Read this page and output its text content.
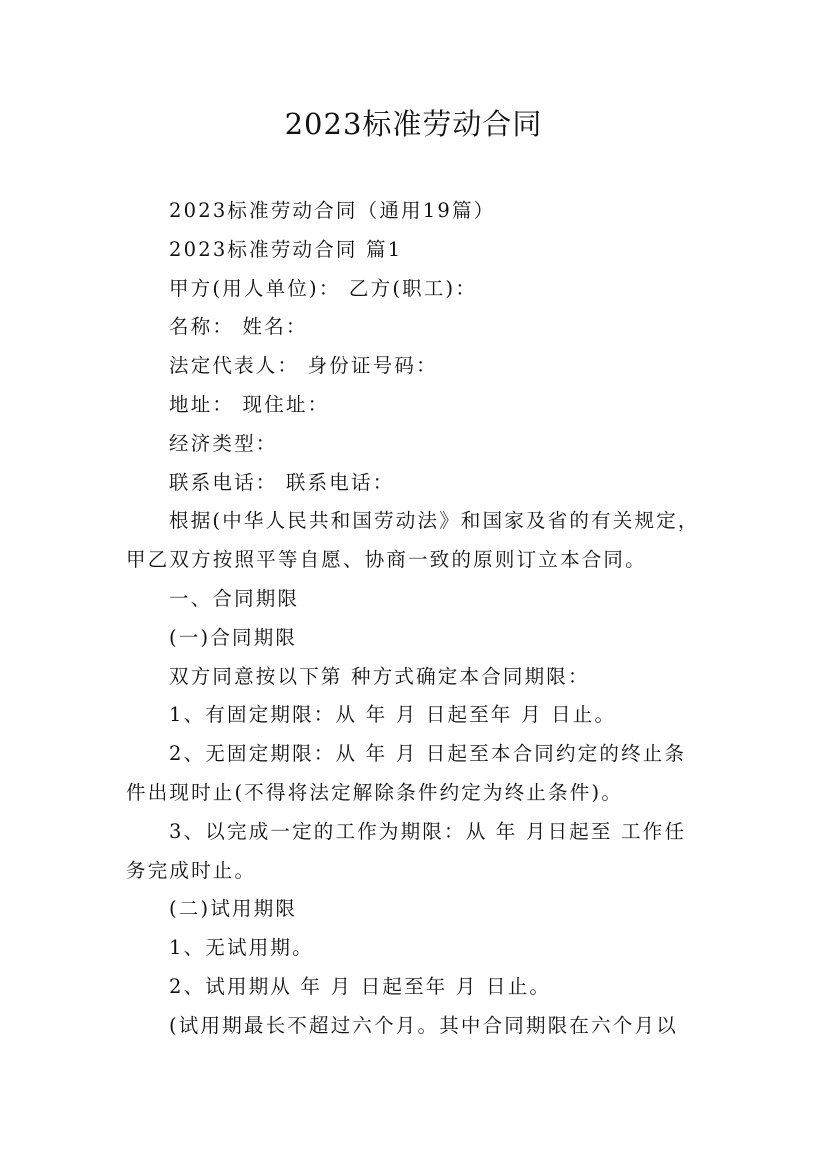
2023标准劳动合同

2023标准劳动合同（通用19篇）

2023标准劳动合同 篇1

甲方(用人单位)： 乙方(职工)：

名称： 姓名：

法定代表人： 身份证号码：

地址： 现住址：

经济类型：

联系电话： 联系电话：

根据(中华人民共和国劳动法》和国家及省的有关规定，

甲乙双方按照平等自愿、协商一致的原则订立本合同。

一、合同期限

(一)合同期限

双方同意按以下第 种方式确定本合同期限：

1、有固定期限：从 年 月 日起至年 月 日止。

2、无固定期限：从 年 月 日起至本合同约定的终止条

件出现时止(不得将法定解除条件约定为终止条件)。

3、以完成一定的工作为期限：从 年 月日起至 工作任

务完成时止。

(二)试用期限

1、无试用期。

2、试用期从 年 月 日起至年 月 日止。

(试用期最长不超过六个月。其中合同期限在六个月以
